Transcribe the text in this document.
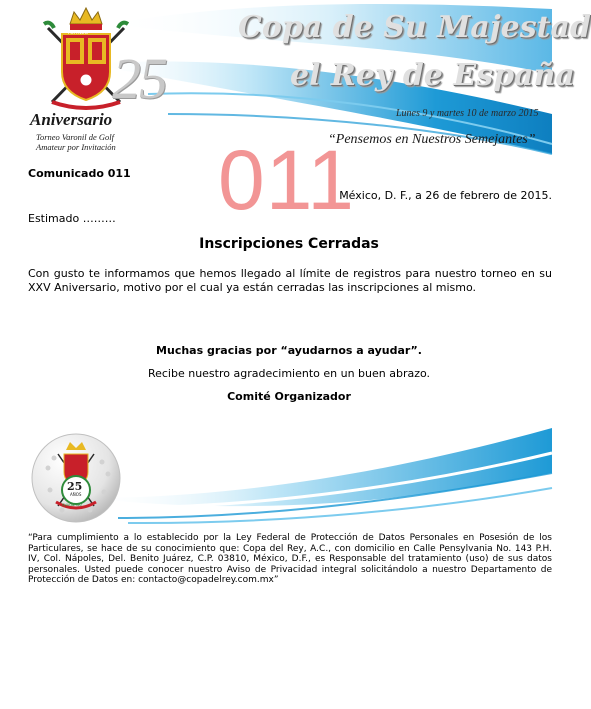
TORNEO
25
Aniversario
Torneo Varonil de Golf
Amateur por Invitación
Copa de Su Majestad
el Rey de España
Lunes 9 y martes 10 de marzo 2015
“Pensemos en Nuestros Semejantes”
011
Comunicado 011
México, D. F., a 26 de febrero de 2015.
Estimado ………
Inscripciones Cerradas
Con gusto te informamos que hemos llegado al límite de registros para nuestro torneo en su XXV Aniversario, motivo por el cual ya están cerradas las inscripciones al mismo.
Muchas gracias por “ayudarnos a ayudar”.
Recibe nuestro agradecimiento en un buen abrazo.
Comité Organizador
25
AÑOS
ayudando
“Para cumplimiento a lo establecido por la Ley Federal de Protección de Datos Personales en Posesión de los Particulares, se hace de su conocimiento que: Copa del Rey, A.C., con domicilio en Calle Pensylvania No. 143 P.H. IV, Col. Nápoles, Del. Benito Juárez, C.P. 03810, México, D.F., es Responsable del tratamiento (uso) de sus datos personales. Usted puede conocer nuestro Aviso de Privacidad integral solicitándolo a nuestro Departamento de Protección de Datos en: contacto@copadelrey.com.mx”
